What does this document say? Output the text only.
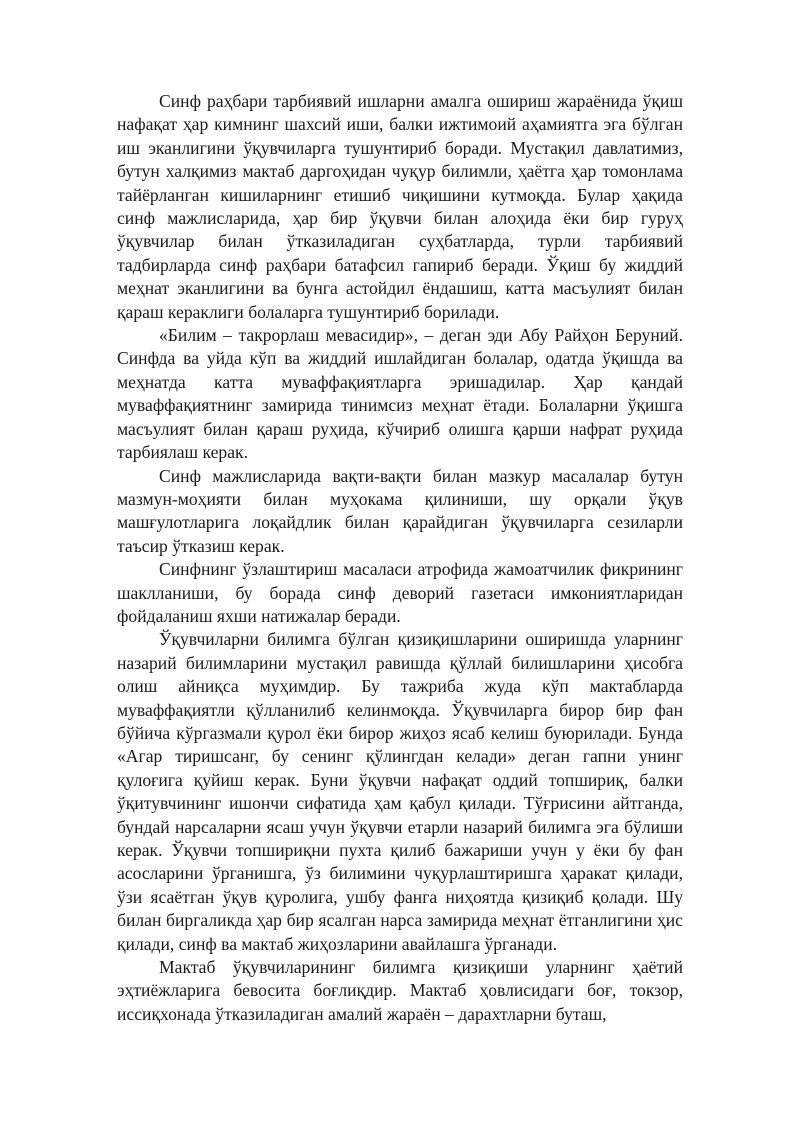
Синф раҳбари тарбиявий ишларни амалга ошириш жараёнида ўқиш нафақат ҳар кимнинг шахсий иши, балки ижтимоий аҳамиятга эга бўлган иш эканлигини ўқувчиларга тушунтириб боради. Мустақил давлатимиз, бутун халқимиз мактаб даргоҳидан чуқур билимли, ҳаётга ҳар томонлама тайёрланган кишиларнинг етишиб чиқишини кутмоқда. Булар ҳақида синф мажлисларида, ҳар бир ўқувчи билан алоҳида ёки бир гуруҳ ўқувчилар билан ўтказиладиган суҳбатларда, турли тарбиявий тадбирларда синф раҳбари батафсил гапириб беради. Ўқиш бу жиддий меҳнат эканлигини ва бунга астойдил ёндашиш, катта масъулият билан қараш кераклиги болаларга тушунтириб борилади.

«Билим – такрорлаш мевасидир», – деган эди Абу Райҳон Беруний. Синфда ва уйда кўп ва жиддий ишлайдиган болалар, одатда ўқишда ва меҳнатда катта муваффақиятларга эришадилар. Ҳар қандай муваффақиятнинг замирида тинимсиз меҳнат ётади. Болаларни ўқишга масъулият билан қараш руҳида, кўчириб олишга қарши нафрат руҳида тарбиялаш керак.

Синф мажлисларида вақти-вақти билан мазкур масалалар бутун мазмун-моҳияти билан муҳокама қилиниши, шу орқали ўқув машғулотларига лоқайдлик билан қарайдиган ўқувчиларга сезиларли таъсир ўтказиш керак.

Синфнинг ўзлаштириш масаласи атрофида жамоатчилик фикрининг шаклланиши, бу борада синф деворий газетаси имкониятларидан фойдаланиш яхши натижалар беради.

Ўқувчиларни билимга бўлган қизиқишларини оширишда уларнинг назарий билимларини мустақил равишда қўллай билишларини ҳисобга олиш айниқса муҳимдир. Бу тажриба жуда кўп мактабларда муваффақиятли қўлланилиб келинмоқда. Ўқувчиларга бирор бир фан бўйича кўргазмали қурол ёки бирор жиҳоз ясаб келиш буюрилади. Бунда «Агар тиришсанг, бу сенинг қўлингдан келади» деган гапни унинг қулоғига қуйиш керак. Буни ўқувчи нафақат оддий топшириқ, балки ўқитувчининг ишончи сифатида ҳам қабул қилади. Тўғрисини айтганда, бундай нарсаларни ясаш учун ўқувчи етарли назарий билимга эга бўлиши керак. Ўқувчи топшириқни пухта қилиб бажариши учун у ёки бу фан асосларини ўрганишга, ўз билимини чуқурлаштиришга ҳаракат қилади, ўзи ясаётган ўқув қуролига, ушбу фанга ниҳоятда қизиқиб қолади. Шу билан биргаликда ҳар бир ясалган нарса замирида меҳнат ётганлигини ҳис қилади, синф ва мактаб жиҳозларини авайлашга ўрганади.

Мактаб ўқувчиларининг билимга қизиқиши уларнинг ҳаётий эҳтиёжларига бевосита боғлиқдир. Мактаб ҳовлисидаги боғ, токзор, иссиқхонада ўтказиладиган амалий жараён – дарахтларни буташ,
